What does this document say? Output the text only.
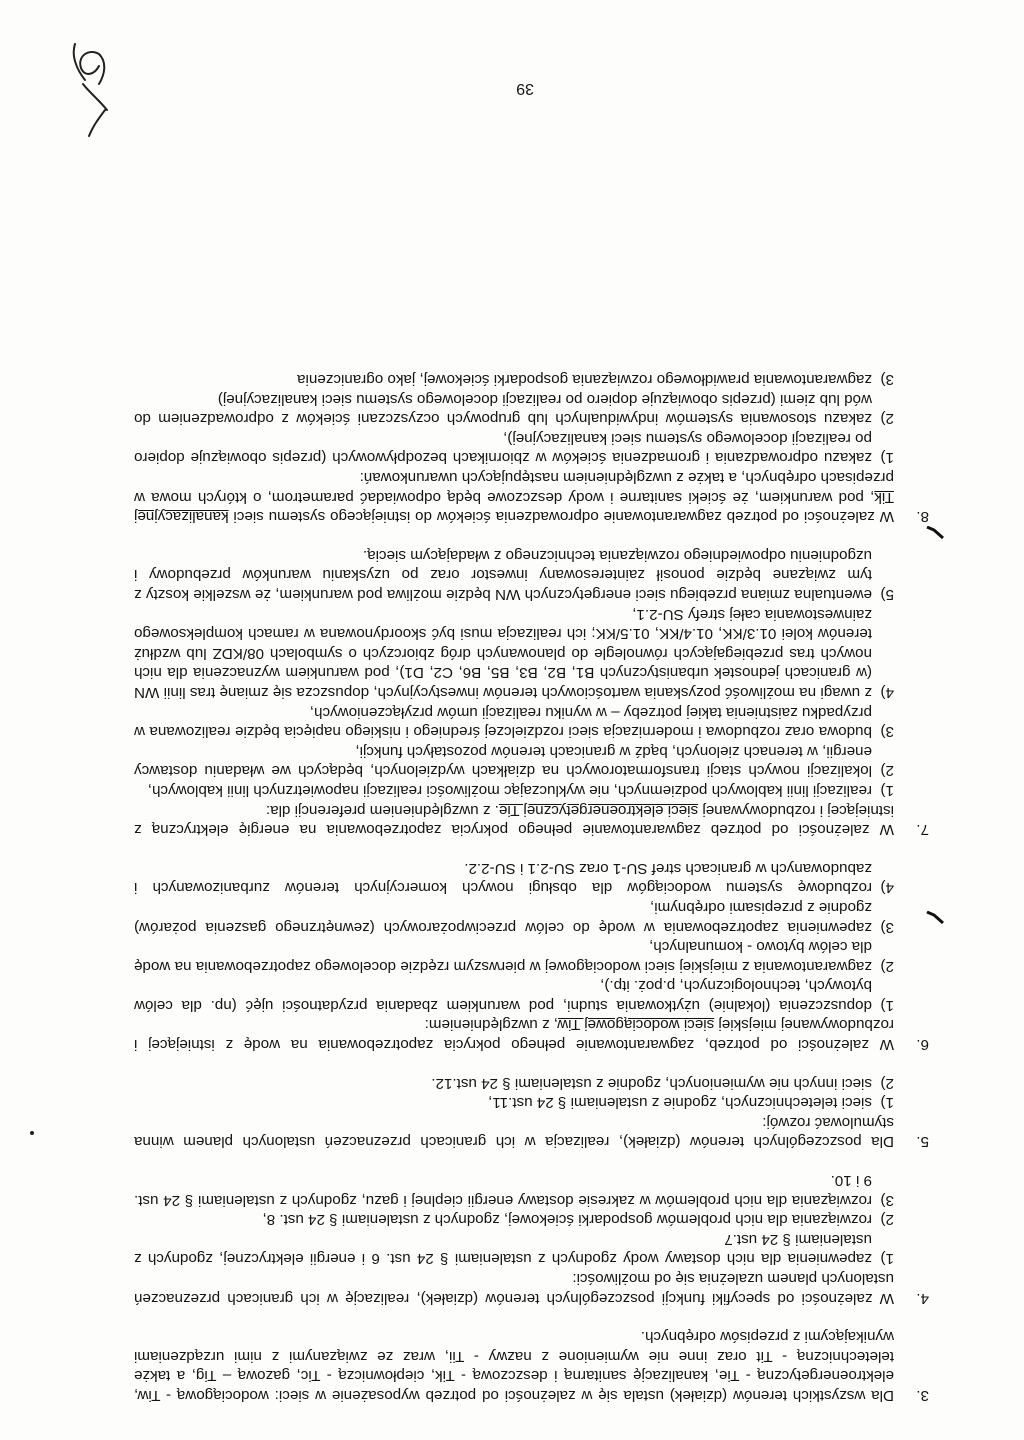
3.

Dla wszystkich terenów (działek) ustala się w zależności od potrzeb wyposażenie w sieci: wodociągową - Tiw, elektroenergetyczną - Tie, kanalizację sanitarną i deszczową - Tik, ciepłowniczą - Tic, gazową – Tig, a także teletechniczną - Tit oraz inne nie wymienione z nazwy - Tii, wraz ze związanymi z nimi urządzeniami wynikającymi z przepisów odrębnych.

4.

W zależności od specyfiki funkcji poszczególnych terenów (działek), realizację w ich granicach przeznaczeń ustalonych planem uzależnia się od możliwości:

1)
zapewnienia dla nich dostawy wody zgodnych z ustaleniami § 24 ust. 6 i energii elektrycznej, zgodnych z ustaleniami § 24 ust.7

2)
rozwiązania dla nich problemów gospodarki ściekowej, zgodnych z ustaleniami § 24 ust. 8,

3)
rozwiązania dla nich problemów w zakresie dostawy energii cieplnej i gazu, zgodnych z ustaleniami § 24 ust. 9 i 10.

5.

Dla poszczególnych terenów (działek), realizacja w ich granicach przeznaczeń ustalonych planem winna stymulować rozwój:

1)
sieci teletechnicznych, zgodnie z ustaleniami § 24 ust.11,

2)
sieci innych nie wymienionych, zgodnie z ustaleniami § 24 ust.12.

6.

W zależności od potrzeb, zagwarantowanie pełnego pokrycia zapotrzebowania na wodę z istniejącej i rozbudowywanej miejskiej sieci wodociągowej Tiw, z uwzględnieniem:

1)
dopuszczenia (lokalnie) użytkowania studni, pod warunkiem zbadania przydatności ujęć (np. dla celów bytowych, technologicznych, p.poż. itp.),

2)
zagwarantowania z miejskiej sieci wodociągowej w pierwszym rzędzie docelowego zapotrzebowania na wodę dla celów bytowo - komunalnych,

3)
zapewnienia zapotrzebowania w wodę do celów przeciwpożarowych (zewnętrznego gaszenia pożarów) zgodnie z przepisami odrębnymi,

4)
rozbudowę systemu wodociągów dla obsługi nowych komercyjnych terenów zurbanizowanych i zabudowanych w granicach stref SU-1 oraz SU-2.1 i SU-2.2.

7.

W zależności od potrzeb zagwarantowanie pełnego pokrycia zapotrzebowania na energię elektryczną z istniejącej i rozbudowywanej sieci elektroenergetycznej Tie. z uwzględnieniem preferencji dla:

1)
realizacji linii kablowych podziemnych, nie wykluczając możliwości realizacji napowietrznych linii kablowych,

2)
lokalizacji nowych stacji transformatorowych na działkach wydzielonych, będących we władaniu dostawcy energii, w terenach zielonych, bądź w granicach terenów pozostałych funkcji,

3)
budowa oraz rozbudowa i modernizacja sieci rozdzielczej średniego i niskiego napięcia będzie realizowana w przypadku zaistnienia takiej potrzeby – w wyniku realizacji umów przyłączeniowych,

4)
z uwagi na możliwość pozyskania wartościowych terenów inwestycyjnych, dopuszcza się zmianę tras linii WN (w granicach jednostek urbanistycznych B1, B2, B3, B5, B6, C2, D1), pod warunkiem wyznaczenia dla nich nowych tras przebiegających równolegle do planowanych dróg zbiorczych o symbolach 08/KDZ lub wzdłuż terenów kolei 01.3/KK, 01.4/KK, 01.5/KK; ich realizacja musi być skoordynowana w ramach kompleksowego zainwestowania całej strefy SU-2.1,

5)
ewentualna zmiana przebiegu sieci energetycznych WN będzie możliwa pod warunkiem, że wszelkie koszty z tym związane będzie ponosił zainteresowany inwestor oraz po uzyskaniu warunków przebudowy i uzgodnieniu odpowiedniego rozwiązania technicznego z władającym siecią.

8.

W zależności od potrzeb zagwarantowanie odprowadzenia ścieków do istniejącego systemu sieci kanalizacyjnej Tik, pod warunkiem, że ścieki sanitarne i wody deszczowe będą odpowiadać parametrom, o których mowa w przepisach odrębnych, a także z uwzględnieniem następujących uwarunkowań:

1)
zakazu odprowadzania i gromadzenia ścieków w zbiornikach bezodpływowych (przepis obowiązuje dopiero po realizacji docelowego systemu sieci kanalizacyjnej),

2)
zakazu stosowania systemów indywidualnych lub grupowych oczyszczani ścieków z odprowadzeniem do wód lub ziemi (przepis obowiązuje dopiero po realizacji docelowego systemu sieci kanalizacyjnej)

3)
zagwarantowania prawidłowego rozwiązania gospodarki ściekowej, jako ograniczenia

39
